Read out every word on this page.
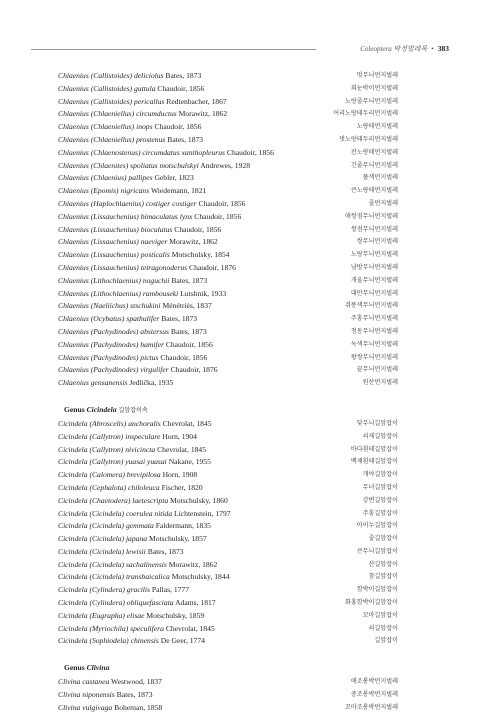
Coleoptera 딱정벌레목 • 383
Chlaenius (Callistoides) deliciolus Bates, 1873	멋무늬먼지벌레
Chlaenius (Callistoides) guttula Chaudoir, 1856	외눈박이먼지벌레
Chlaenius (Callistoides) pericallus Redtenbacher, 1867	노랑줄무늬먼지벌레
Chlaenius (Chlaeniellus) circumductus Morawitz, 1862	어리노랑테두리먼지벌레
Chlaenius (Chlaeniellus) inops Chaudoir, 1856	노랑테먼지벌레
Chlaenius (Chlaeniellus) prostenus Bates, 1873	멋노랑테두리먼지벌레
Chlaenius (Chlaenostenus) circumdatus xanthopleurus Chaudoir, 1856	잔노랑테먼지벌레
Chlaenius (Chlaenites) spoliatus motschulskyi Andrewes, 1928	긴줄무늬먼지벌레
Chlaenius (Chlaenius) pallipes Gebler, 1823	풀색먼지벌레
Chlaenius (Epomis) nigricans Wiedemann, 1821	큰노랑테먼지벌레
Chlaenius (Haplochlaenius) costiger costiger Chaudoir, 1856	줄먼지벌레
Chlaenius (Lissauchenius) bimaculatus lynx Chaudoir, 1856	애쌍점무늬먼지벌레
Chlaenius (Lissauchenius) bioculatus Chaudoir, 1856	쌍점무늬먼지벌레
Chlaenius (Lissauchenius) naeviger Morawitz, 1862	쌍무늬먼지벌레
Chlaenius (Lissauchenius) posticalis Motschulsky, 1854	노랑무늬먼지벌레
Chlaenius (Lissauchenius) tetragonoderus Chaudoir, 1876	남방무늬먼지벌레
Chlaenius (Lithochlaenius) noguchii Bates, 1873	개울무늬먼지벌레
Chlaenius (Lithochlaenius) rambouseki Lutshnik, 1933	대만무늬먼지벌레
Chlaenius (Naeliichus) stschukini Ménétriès, 1837	쥐똥색무늬먼지벌레
Chlaenius (Ocybatus) spathulifer Bates, 1873	주홍무늬먼지벌레
Chlaenius (Pachydinodes) abstersus Bates, 1873	청동무늬먼지벌레
Chlaenius (Pachydinodes) hamifer Chaudoir, 1856	녹색무늬먼지벌레
Chlaenius (Pachydinodes) pictus Chaudoir, 1856	왕쌍무늬먼지벌레
Chlaenius (Pachydinodes) virgulifer Chaudoir, 1876	끝무늬먼지벌레
Chlaenius gensanensis Jedlička, 1935	원산먼지벌레
Genus Cicindela 길앞잡이속
Cicindela (Abroscelis) anchoralis Chevrolat, 1845	닻무늬길앞잡이
Cicindela (Callytron) inspeculare Horn, 1904	쇠제길앞잡이
Cicindela (Callytron) nivicincta Chevrolat, 1845	바다흰테길앞잡이
Cicindela (Callytron) yuasai yuasai Nakane, 1955	백제흰테길앞잡이
Cicindela (Calomera) brevipilosa Horn, 1908	개야길앞잡이
Cicindela (Cephalota) chiloleuca Fischer, 1820	무녀길앞잡이
Cicindela (Chaetodera) laetescripta Motschulsky, 1860	강변길앞잡이
Cicindela (Cicindela) coerulea nitida Lichtenstein, 1797	주홍길앞잡이
Cicindela (Cicindela) gemmata Faldermann, 1835	아이누길앞잡이
Cicindela (Cicindela) japana Motschulsky, 1857	줄길앞잡이
Cicindela (Cicindela) lewisii Bates, 1873	큰무늬길앞잡이
Cicindela (Cicindela) sachalinensis Morawitz, 1862	산길앞잡이
Cicindela (Cicindela) transbaicalica Motschulsky, 1844	참길앞잡이
Cicindela (Cylindera) gracilis Pallas, 1777	깜박이길앞잡이
Cicindela (Cylindera) obliquefasciata Adams, 1817	화홍깜박이길앞잡이
Cicindela (Eugrapha) elisae Motschulsky, 1859	꼬마길앞잡이
Cicindela (Myriochila) speculifera Chevrolat, 1845	쇠길앞잡이
Cicindela (Sophiodela) chinensis De Geer, 1774	길앞잡이
Genus Clivina
Clivina castanea Westwood, 1837	애조롱박먼지벌레
Clivina niponensis Bates, 1873	중조롱박먼지벌레
Clivina vulgivaga Boheman, 1858	꼬마조롱박먼지벌레
